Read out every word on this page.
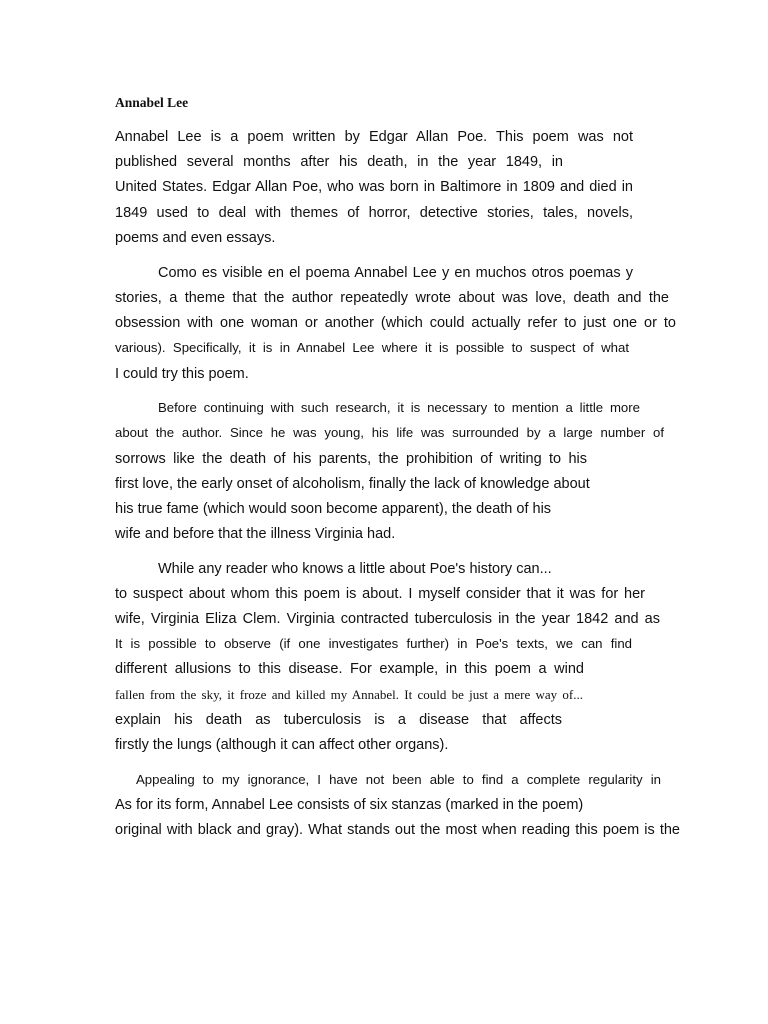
Annabel Lee
Annabel Lee is a poem written by Edgar Allan Poe. This poem was not
published several months after his death, in the year 1849, in
United States. Edgar Allan Poe, who was born in Baltimore in 1809 and died in
1849 used to deal with themes of horror, detective stories, tales, novels,
poems and even essays.
Como es visible en el poema Annabel Lee y en muchos otros poemas y
stories, a theme that the author repeatedly wrote about was love, death and the
obsession with one woman or another (which could actually refer to just one or to
various). Specifically, it is in Annabel Lee where it is possible to suspect of what
I could try this poem.
Before continuing with such research, it is necessary to mention a little more
about the author. Since he was young, his life was surrounded by a large number of
sorrows like the death of his parents, the prohibition of writing to his
first love, the early onset of alcoholism, finally the lack of knowledge about
his true fame (which would soon become apparent), the death of his
wife and before that the illness Virginia had.
While any reader who knows a little about Poe's history can...
to suspect about whom this poem is about. I myself consider that it was for her
wife, Virginia Eliza Clem. Virginia contracted tuberculosis in the year 1842 and as
It is possible to observe (if one investigates further) in Poe's texts, we can find
different allusions to this disease. For example, in this poem a wind
fallen from the sky, it froze and killed my Annabel. It could be just a mere way of...
explain his death as tuberculosis is a disease that affects
firstly the lungs (although it can affect other organs).
Appealing to my ignorance, I have not been able to find a complete regularity in
As for its form, Annabel Lee consists of six stanzas (marked in the poem)
original with black and gray). What stands out the most when reading this poem is the
